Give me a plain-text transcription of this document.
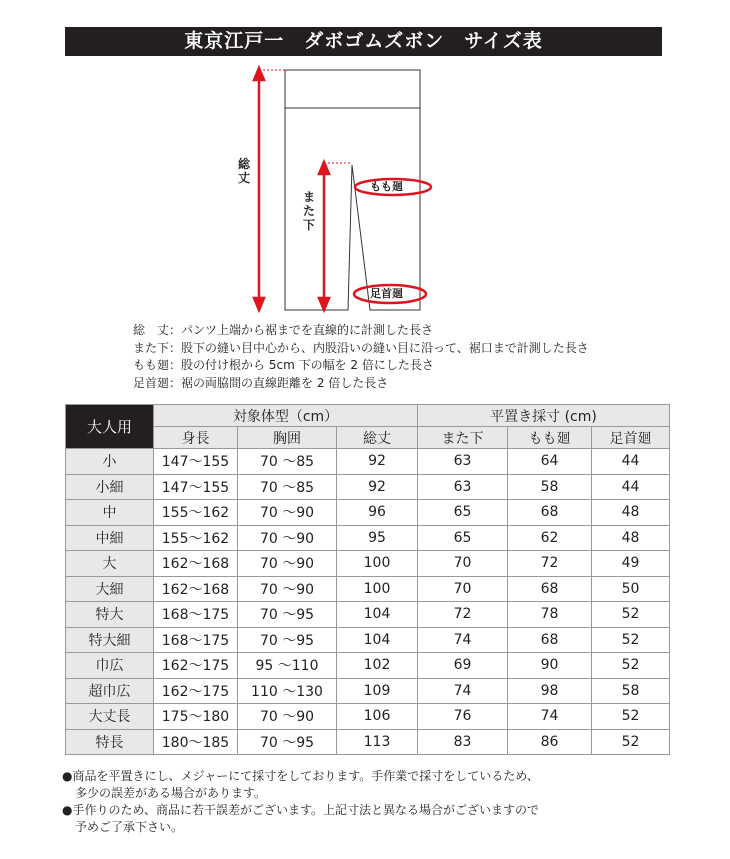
東京江戸一　ダボゴムズボン　サイズ表
総丈
また下
もも廻
足首廻
総　丈：パンツ上端から裾までを直線的に計測した長さ
また下：股下の縫い目中心から、内股沿いの縫い目に沿って、裾口まで計測した長さ
もも廻：股の付け根から 5cm 下の幅を 2 倍にした長さ
足首廻：裾の両脇間の直線距離を 2 倍した長さ
大人用	対象体型（cm）			平置き採寸 (cm)		
	身長	胸囲	総丈	また下	もも廻	足首廻
小	147～155	70 ～85	92	63	64	44
小細	147～155	70 ～85	92	63	58	44
中	155～162	70 ～90	96	65	68	48
中細	155～162	70 ～90	95	65	62	48
大	162～168	70 ～90	100	70	72	49
大細	162～168	70 ～90	100	70	68	50
特大	168～175	70 ～95	104	72	78	52
特大細	168～175	70 ～95	104	74	68	52
巾広	162～175	95 ～110	102	69	90	52
超巾広	162～175	110 ～130	109	74	98	58
大丈長	175～180	70 ～90	106	76	74	52
特長	180～185	70 ～95	113	83	86	52
●商品を平置きにし、メジャーにて採寸をしております。手作業で採寸をしているため、
多少の誤差がある場合があります。
●手作りのため、商品に若干誤差がございます。上記寸法と異なる場合がございますので
予めご了承下さい。
